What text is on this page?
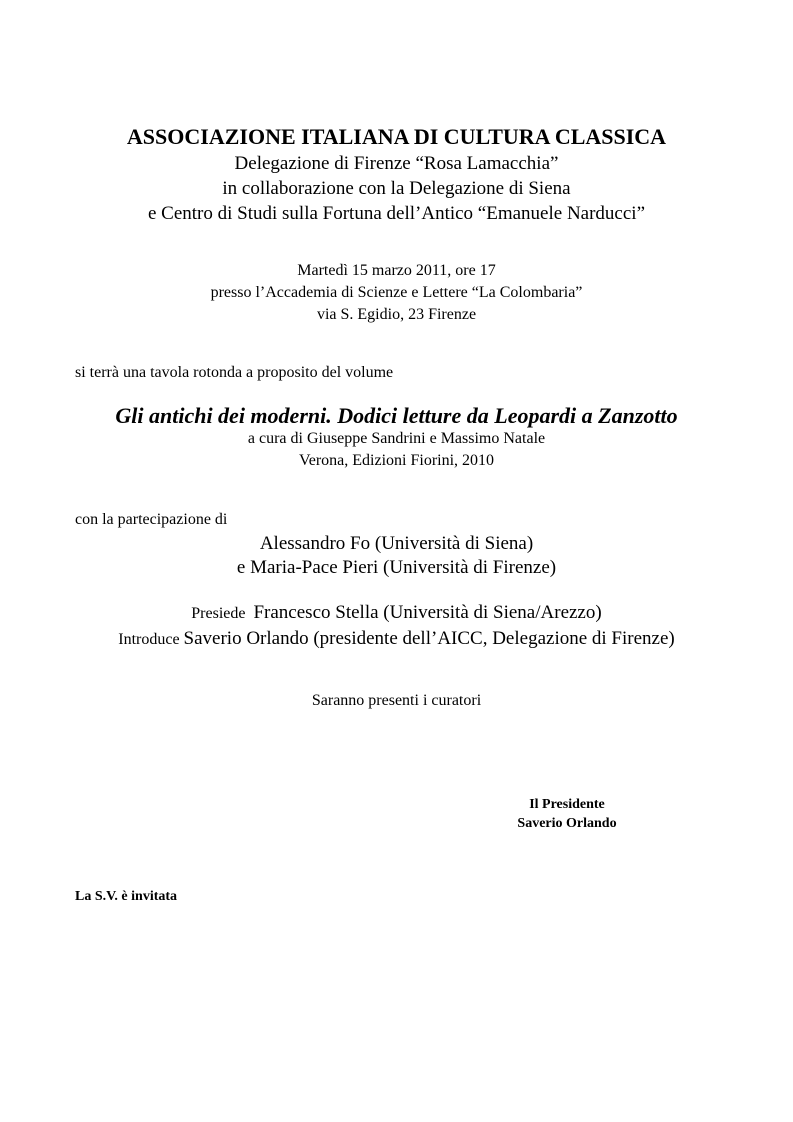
ASSOCIAZIONE ITALIANA DI CULTURA CLASSICA
Delegazione di Firenze “Rosa Lamacchia”
in collaborazione con la Delegazione di Siena
e Centro di Studi sulla Fortuna dell’Antico “Emanuele Narducci”
Martedì 15 marzo 2011, ore 17
presso l’Accademia di Scienze e Lettere “La Colombaria”
via S. Egidio, 23 Firenze
si terrà una tavola rotonda a proposito del volume
Gli antichi dei moderni. Dodici letture da Leopardi a Zanzotto
a cura di Giuseppe Sandrini e Massimo Natale
Verona, Edizioni Fiorini, 2010
con la partecipazione di
Alessandro Fo (Università di Siena)
e Maria-Pace Pieri (Università di Firenze)
Presiede Francesco Stella (Università di Siena/Arezzo)
Introduce Saverio Orlando (presidente dell’AICC, Delegazione di Firenze)
Saranno presenti i curatori
Il Presidente
Saverio Orlando
La S.V. è invitata
